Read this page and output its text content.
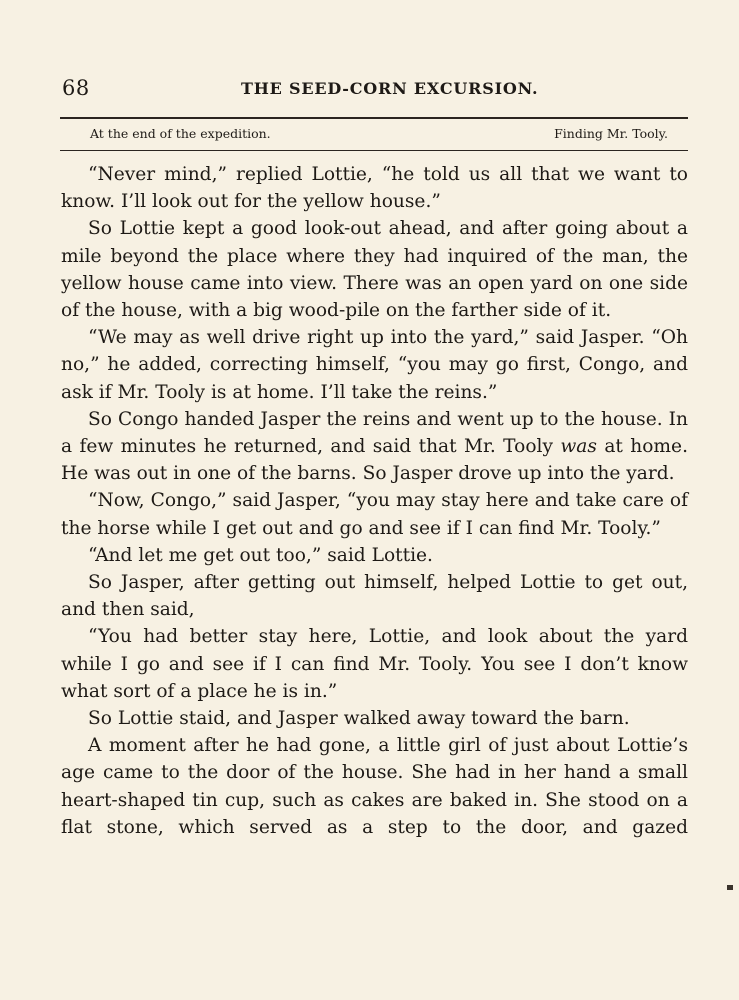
68	THE SEED-CORN EXCURSION.
At the end of the expedition.	Finding Mr. Tooly.

“Never mind,” replied Lottie, “he told us all that we want to know. I’ll look out for the yellow house.”

So Lottie kept a good look-out ahead, and after going about a mile beyond the place where they had inquired of the man, the yellow house came into view. There was an open yard on one side of the house, with a big wood-pile on the farther side of it.

“We may as well drive right up into the yard,” said Jasper. “Oh no,” he added, correcting himself, “you may go first, Congo, and ask if Mr. Tooly is at home. I’ll take the reins.”

So Congo handed Jasper the reins and went up to the house. In a few minutes he returned, and said that Mr. Tooly was at home. He was out in one of the barns. So Jasper drove up into the yard.

“Now, Congo,” said Jasper, “you may stay here and take care of the horse while I get out and go and see if I can find Mr. Tooly.”

“And let me get out too,” said Lottie.

So Jasper, after getting out himself, helped Lottie to get out, and then said,

“You had better stay here, Lottie, and look about the yard while I go and see if I can find Mr. Tooly. You see I don’t know what sort of a place he is in.”

So Lottie staid, and Jasper walked away toward the barn.

A moment after he had gone, a little girl of just about Lottie’s age came to the door of the house. She had in her hand a small heart-shaped tin cup, such as cakes are baked in. She stood on a flat stone, which served as a step to the door, and gazed
